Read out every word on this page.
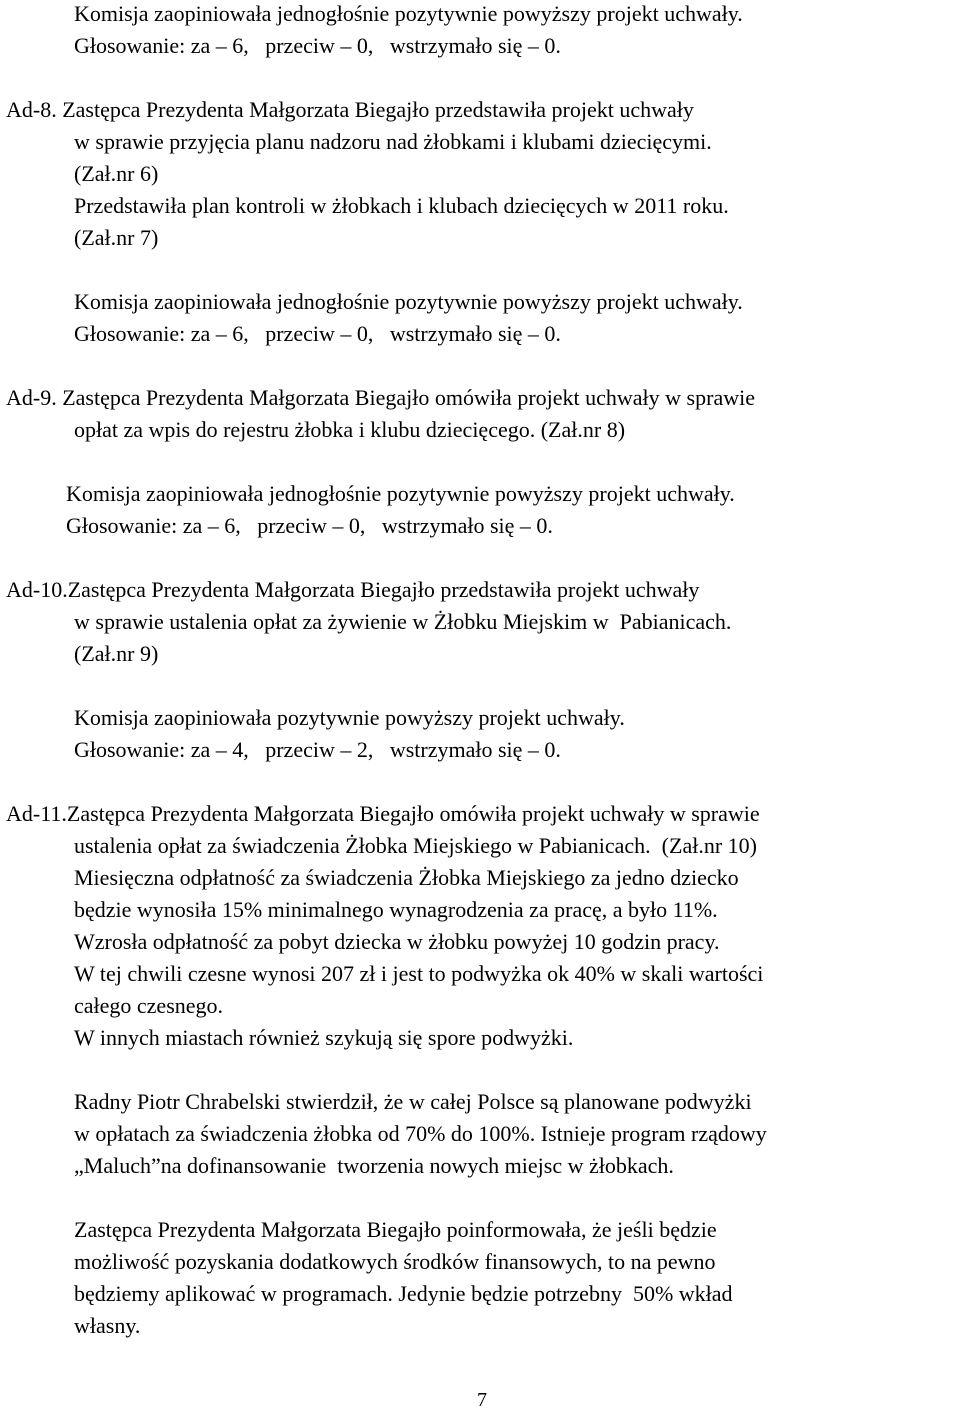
Komisja zaopiniowała jednogłośnie pozytywnie powyższy projekt uchwały.

Głosowanie: za – 6,   przeciw – 0,   wstrzymało się – 0.

Ad-8. Zastępca Prezydenta Małgorzata Biegajło przedstawiła projekt uchwały

w sprawie przyjęcia planu nadzoru nad żłobkami i klubami dziecięcymi.

(Zał.nr 6)

Przedstawiła plan kontroli w żłobkach i klubach dziecięcych w 2011 roku.

(Zał.nr 7)

Komisja zaopiniowała jednogłośnie pozytywnie powyższy projekt uchwały.

Głosowanie: za – 6,   przeciw – 0,   wstrzymało się – 0.

Ad-9. Zastępca Prezydenta Małgorzata Biegajło omówiła projekt uchwały w sprawie

opłat za wpis do rejestru żłobka i klubu dziecięcego. (Zał.nr 8)

Komisja zaopiniowała jednogłośnie pozytywnie powyższy projekt uchwały.

Głosowanie: za – 6,   przeciw – 0,   wstrzymało się – 0.

Ad-10.Zastępca Prezydenta Małgorzata Biegajło przedstawiła projekt uchwały

w sprawie ustalenia opłat za żywienie w Żłobku Miejskim w  Pabianicach.

(Zał.nr 9)

Komisja zaopiniowała pozytywnie powyższy projekt uchwały.

Głosowanie: za – 4,   przeciw – 2,   wstrzymało się – 0.

Ad-11.Zastępca Prezydenta Małgorzata Biegajło omówiła projekt uchwały w sprawie

ustalenia opłat za świadczenia Żłobka Miejskiego w Pabianicach.  (Zał.nr 10)

Miesięczna odpłatność za świadczenia Żłobka Miejskiego za jedno dziecko

będzie wynosiła 15% minimalnego wynagrodzenia za pracę, a było 11%.

Wzrosła odpłatność za pobyt dziecka w żłobku powyżej 10 godzin pracy.

W tej chwili czesne wynosi 207 zł i jest to podwyżka ok 40% w skali wartości

całego czesnego.

W innych miastach również szykują się spore podwyżki.

Radny Piotr Chrabelski stwierdził, że w całej Polsce są planowane podwyżki

w opłatach za świadczenia żłobka od 70% do 100%. Istnieje program rządowy

„Maluch”na dofinansowanie  tworzenia nowych miejsc w żłobkach.

Zastępca Prezydenta Małgorzata Biegajło poinformowała, że jeśli będzie

możliwość pozyskania dodatkowych środków finansowych, to na pewno

będziemy aplikować w programach. Jedynie będzie potrzebny  50% wkład

własny.

7
